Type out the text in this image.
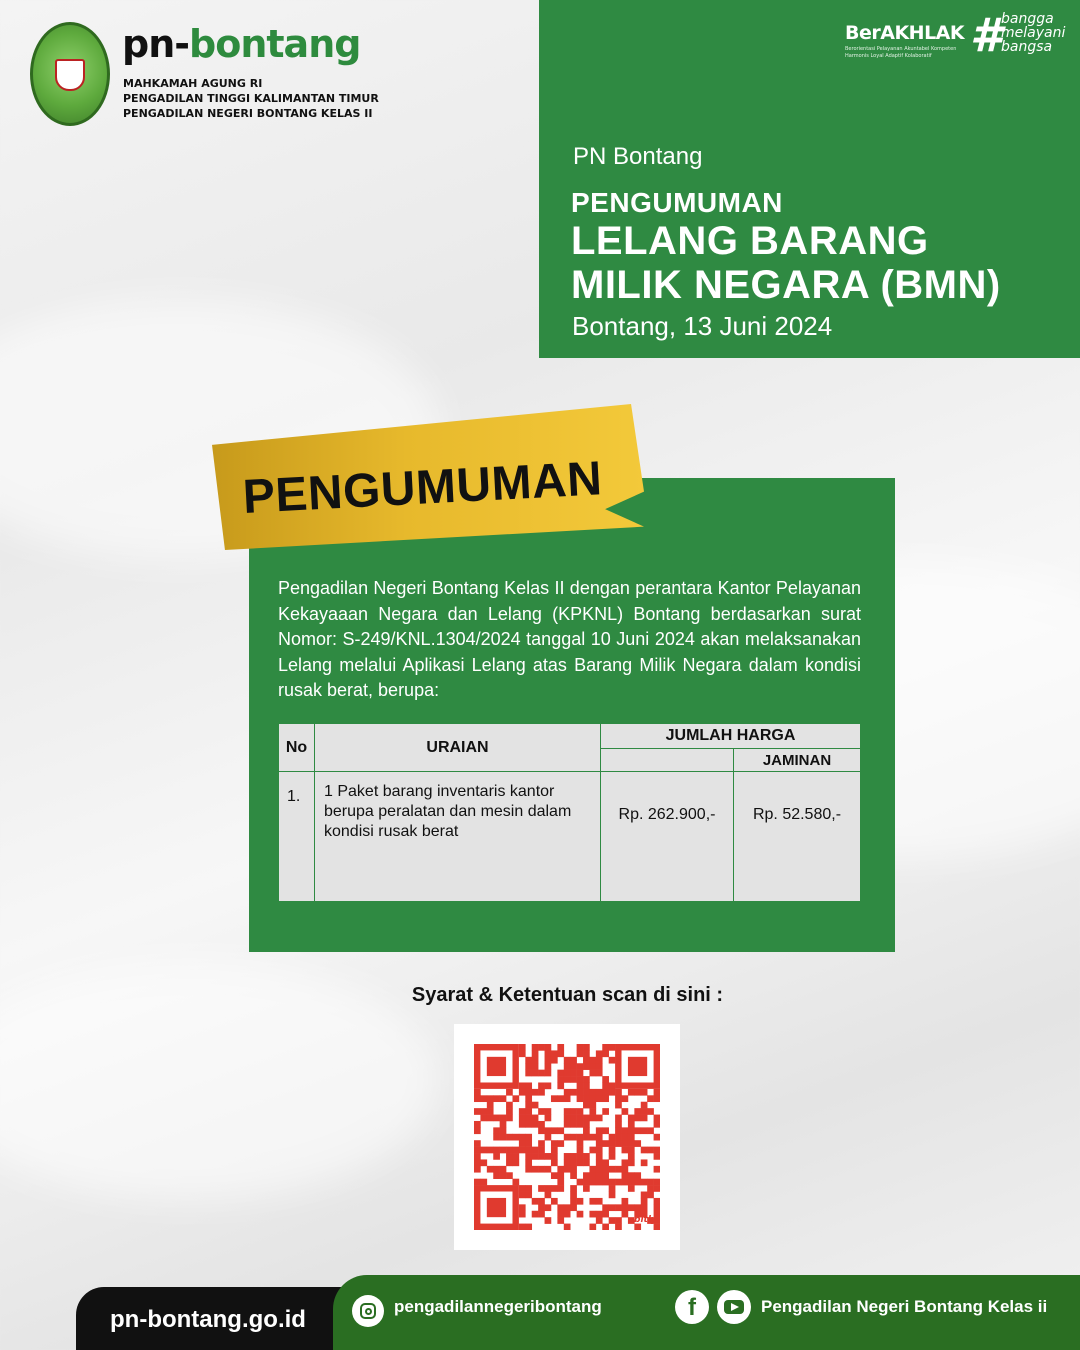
pn-bontang
MAHKAMAH AGUNG RI
PENGADILAN TINGGI KALIMANTAN TIMUR
PENGADILAN NEGERI BONTANG KELAS II
BerAKHLAK
Berorientasi Pelayanan Akuntabel Kompeten Harmonis Loyal Adaptif Kolaboratif #
bangga
melayani
bangsa
PN Bontang
PENGUMUMAN
LELANG BARANG
MILIK NEGARA (BMN)
Bontang, 13 Juni 2024
PENGUMUMAN
Pengadilan Negeri Bontang Kelas II dengan perantara Kantor Pelayanan Kekayaaan Negara dan Lelang (KPKNL) Bontang berdasarkan surat Nomor: S-249/KNL.1304/2024 tanggal 10 Juni 2024 akan melaksanakan Lelang melalui Aplikasi Lelang atas Barang Milik Negara dalam kondisi rusak berat, berupa:
No	URAIAN	JUMLAH HARGA	
			JAMINAN
1.	1 Paket barang inventaris kantor berupa peralatan dan mesin dalam kondisi rusak berat	Rp. 262.900,-	Rp. 52.580,-
Syarat & Ketentuan scan di sini :
bitly
pn-bontang.go.id	pengadilannegeribontang	f	Pengadilan Negeri Bontang Kelas ii
